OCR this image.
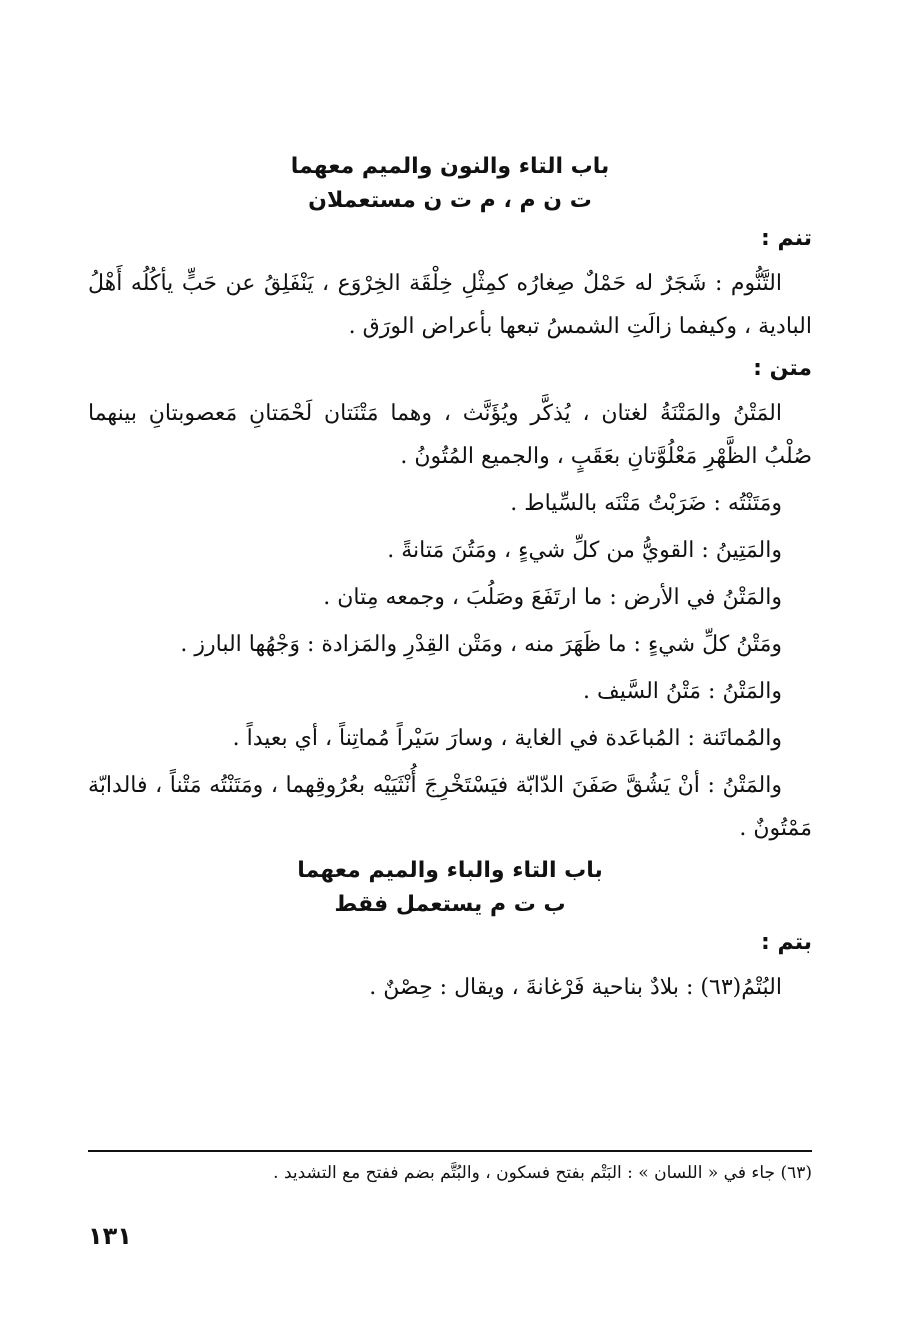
باب التاء والنون والميم معهما
ت ن م ، م ت ن مستعملان
تنم :

التَّنُّوم : شَجَرٌ له حَمْلٌ صِغارُه كمِثْلِ خِلْقَة الخِرْوَع ، يَنْفَلِقُ عن حَبٍّ يأكُلُه أَهْلُ البادية ، وكيفما زالَتِ الشمسُ تبعها بأعراض الورَق .

متن :

المَتْنُ والمَتْنَةُ لغتان ، يُذكَّر ويُؤَنَّث ، وهما مَتْنَتان لَحْمَتانِ مَعصوبتانِ بينهما صُلْبُ الظَّهْرِ مَعْلُوَّتانِ بعَقَبٍ ، والجميع المُتُونُ .

ومَتَنْتُه : ضَرَبْتُ مَتْنَه بالسِّياط .

والمَتِينُ : القويُّ من كلِّ شيءٍ ، ومَتُنَ مَتانةً .

والمَتْنُ في الأرض : ما ارتَفَعَ وصَلُبَ ، وجمعه مِتان .

ومَتْنُ كلِّ شيءٍ : ما ظَهَرَ منه ، ومَتْن القِدْرِ والمَزادة : وَجْهُها البارز .

والمَتْنُ : مَتْنُ السَّيف .

والمُماتَنة : المُباعَدة في الغاية ، وسارَ سَيْراً مُماتِناً ، أي بعيداً .

والمَتْنُ : أنْ يَشُقَّ صَفَنَ الدّابّة فيَسْتَخْرِجَ أُنْثَيَيْه بعُرُوقِهما ، ومَتَنْتُه مَتْناً ، فالدابّة مَمْتُونٌ .

باب التاء والباء والميم معهما
ب ت م يستعمل فقط
بتم :

البُتْمُ(٦٣) : بلادٌ بناحية فَرْغانةَ ، ويقال : حِصْنٌ .

(٦٣) جاء في « اللسان » : البَتْم بفتح فسكون ، والبُتَّم بضم ففتح مع التشديد .
١٣١
